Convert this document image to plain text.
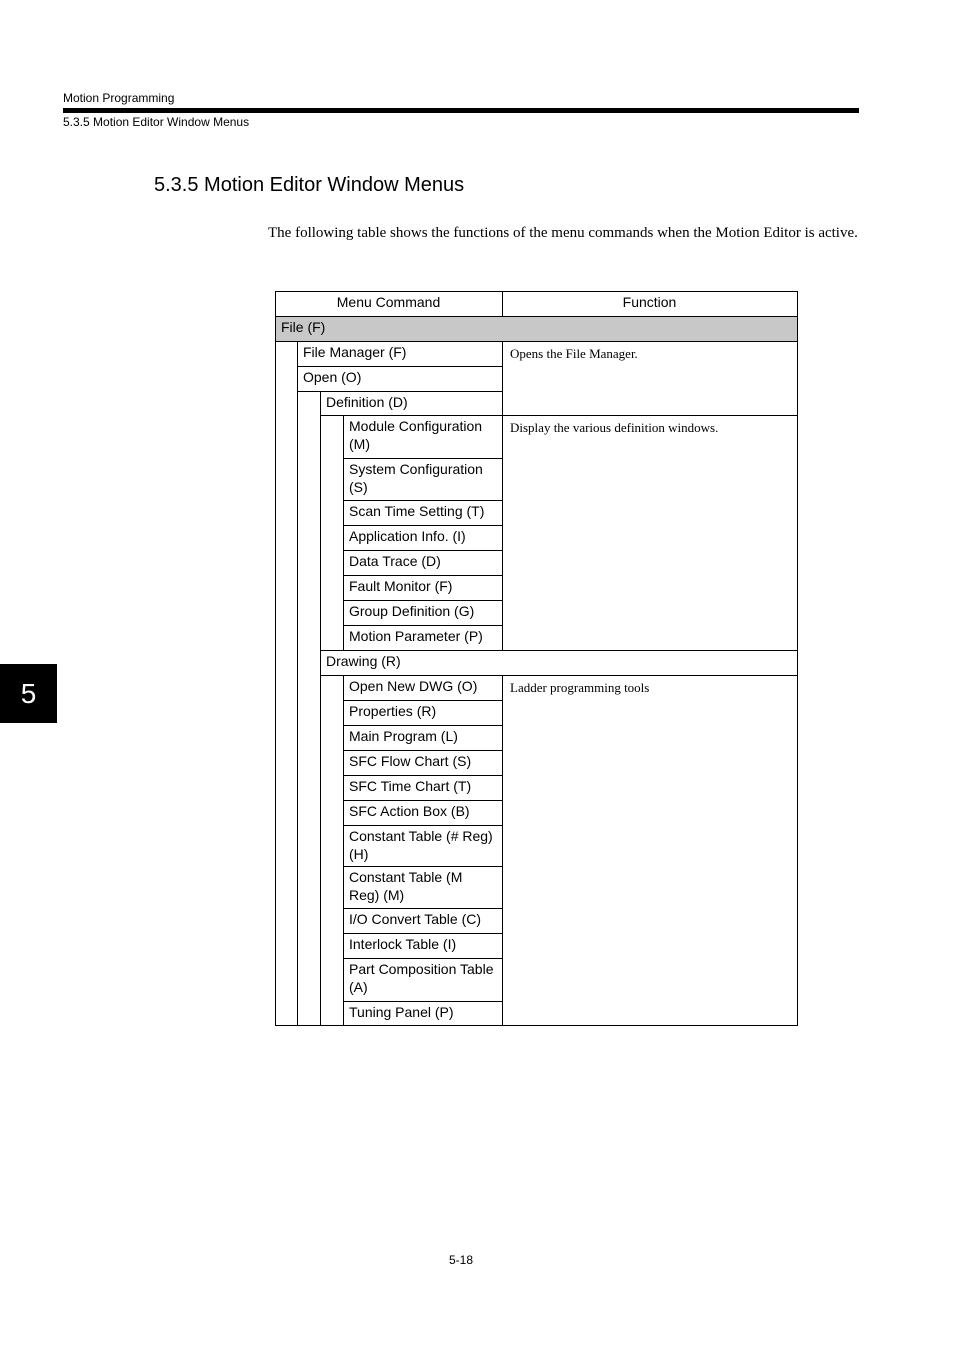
Motion Programming
5.3.5 Motion Editor Window Menus
5
5.3.5 Motion Editor Window Menus
The following table shows the functions of the menu commands when the Motion Editor is active.
Menu Command	Function
File (F)
File Manager (F)
Open (O)
Definition (D)
Module Configuration (M)
System Configuration (S)
Scan Time Setting (T)
Application Info. (I)
Data Trace (D)
Fault Monitor (F)
Group Definition (G)
Motion Parameter (P)
Drawing (R)
Open New DWG (O)
Properties (R)
Main Program (L)
SFC Flow Chart (S)
SFC Time Chart (T)
SFC Action Box (B)
Constant Table (# Reg) (H)
Constant Table (M Reg) (M)
I/O Convert Table (C)
Interlock Table (I)
Part Composition Table (A)
Tuning Panel (P)
Opens the File Manager.
Display the various definition windows.
Ladder programming tools
5-18
